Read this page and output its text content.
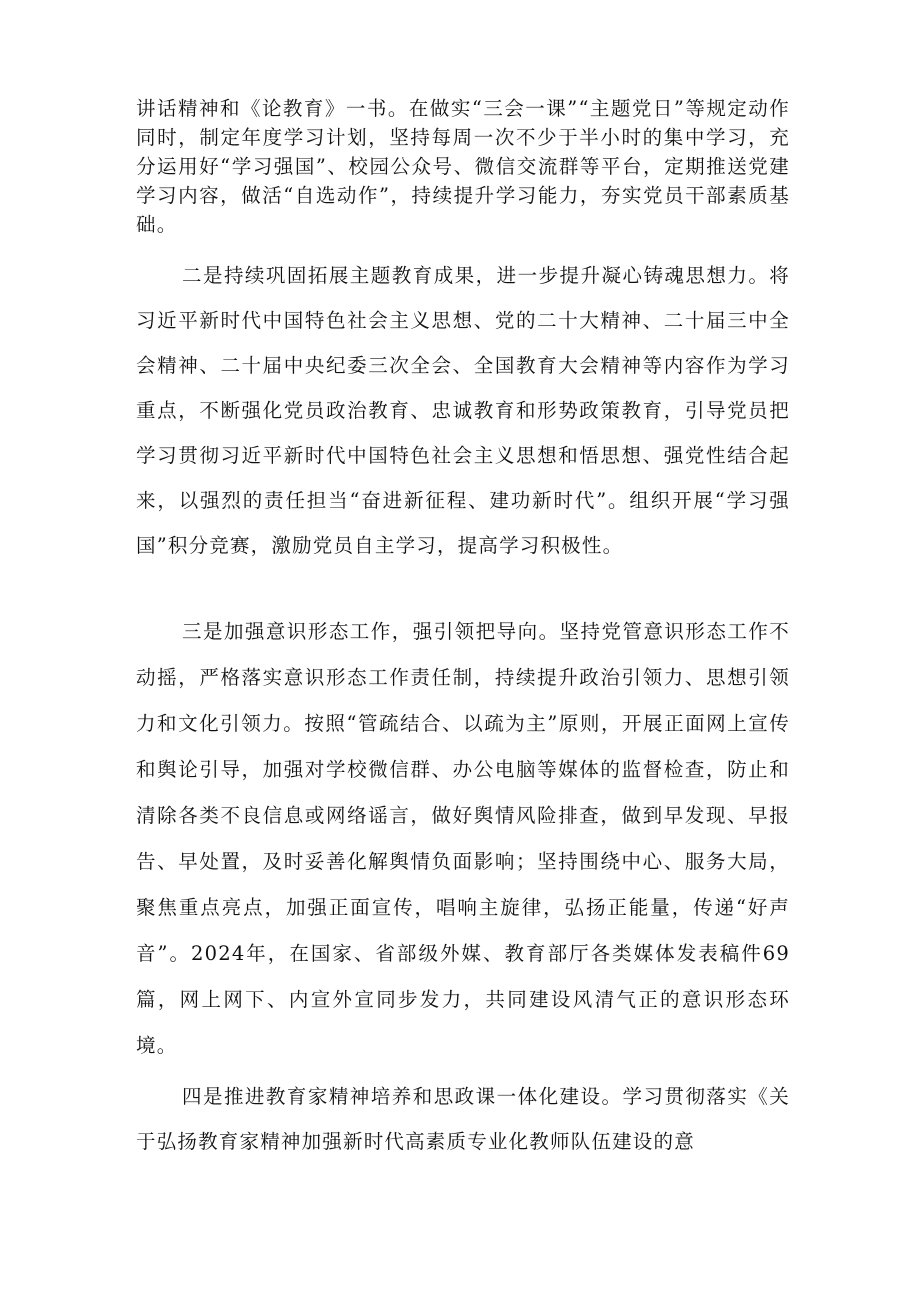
讲话精神和《论教育》一书。在做实“三会一课”“主题党日”等规定动作同时，制定年度学习计划，坚持每周一次不少于半小时的集中学习，充分运用好“学习强国”、校园公众号、微信交流群等平台，定期推送党建学习内容，做活“自选动作”，持续提升学习能力，夯实党员干部素质基础。

二是持续巩固拓展主题教育成果，进一步提升凝心铸魂思想力。将习近平新时代中国特色社会主义思想、党的二十大精神、二十届三中全会精神、二十届中央纪委三次全会、全国教育大会精神等内容作为学习重点，不断强化党员政治教育、忠诚教育和形势政策教育，引导党员把学习贯彻习近平新时代中国特色社会主义思想和悟思想、强党性结合起来，以强烈的责任担当“奋进新征程、建功新时代”。组织开展“学习强国”积分竞赛，激励党员自主学习，提高学习积极性。

三是加强意识形态工作，强引领把导向。坚持党管意识形态工作不动摇，严格落实意识形态工作责任制，持续提升政治引领力、思想引领力和文化引领力。按照“管疏结合、以疏为主”原则，开展正面网上宣传和舆论引导，加强对学校微信群、办公电脑等媒体的监督检查，防止和清除各类不良信息或网络谣言，做好舆情风险排查，做到早发现、早报告、早处置，及时妥善化解舆情负面影响；坚持围绕中心、服务大局，聚焦重点亮点，加强正面宣传，唱响主旋律，弘扬正能量，传递“好声音”。2024年，在国家、省部级外媒、教育部厅各类媒体发表稿件69篇，网上网下、内宣外宣同步发力，共同建设风清气正的意识形态环境。

四是推进教育家精神培养和思政课一体化建设。学习贯彻落实《关于弘扬教育家精神加强新时代高素质专业化教师队伍建设的意
